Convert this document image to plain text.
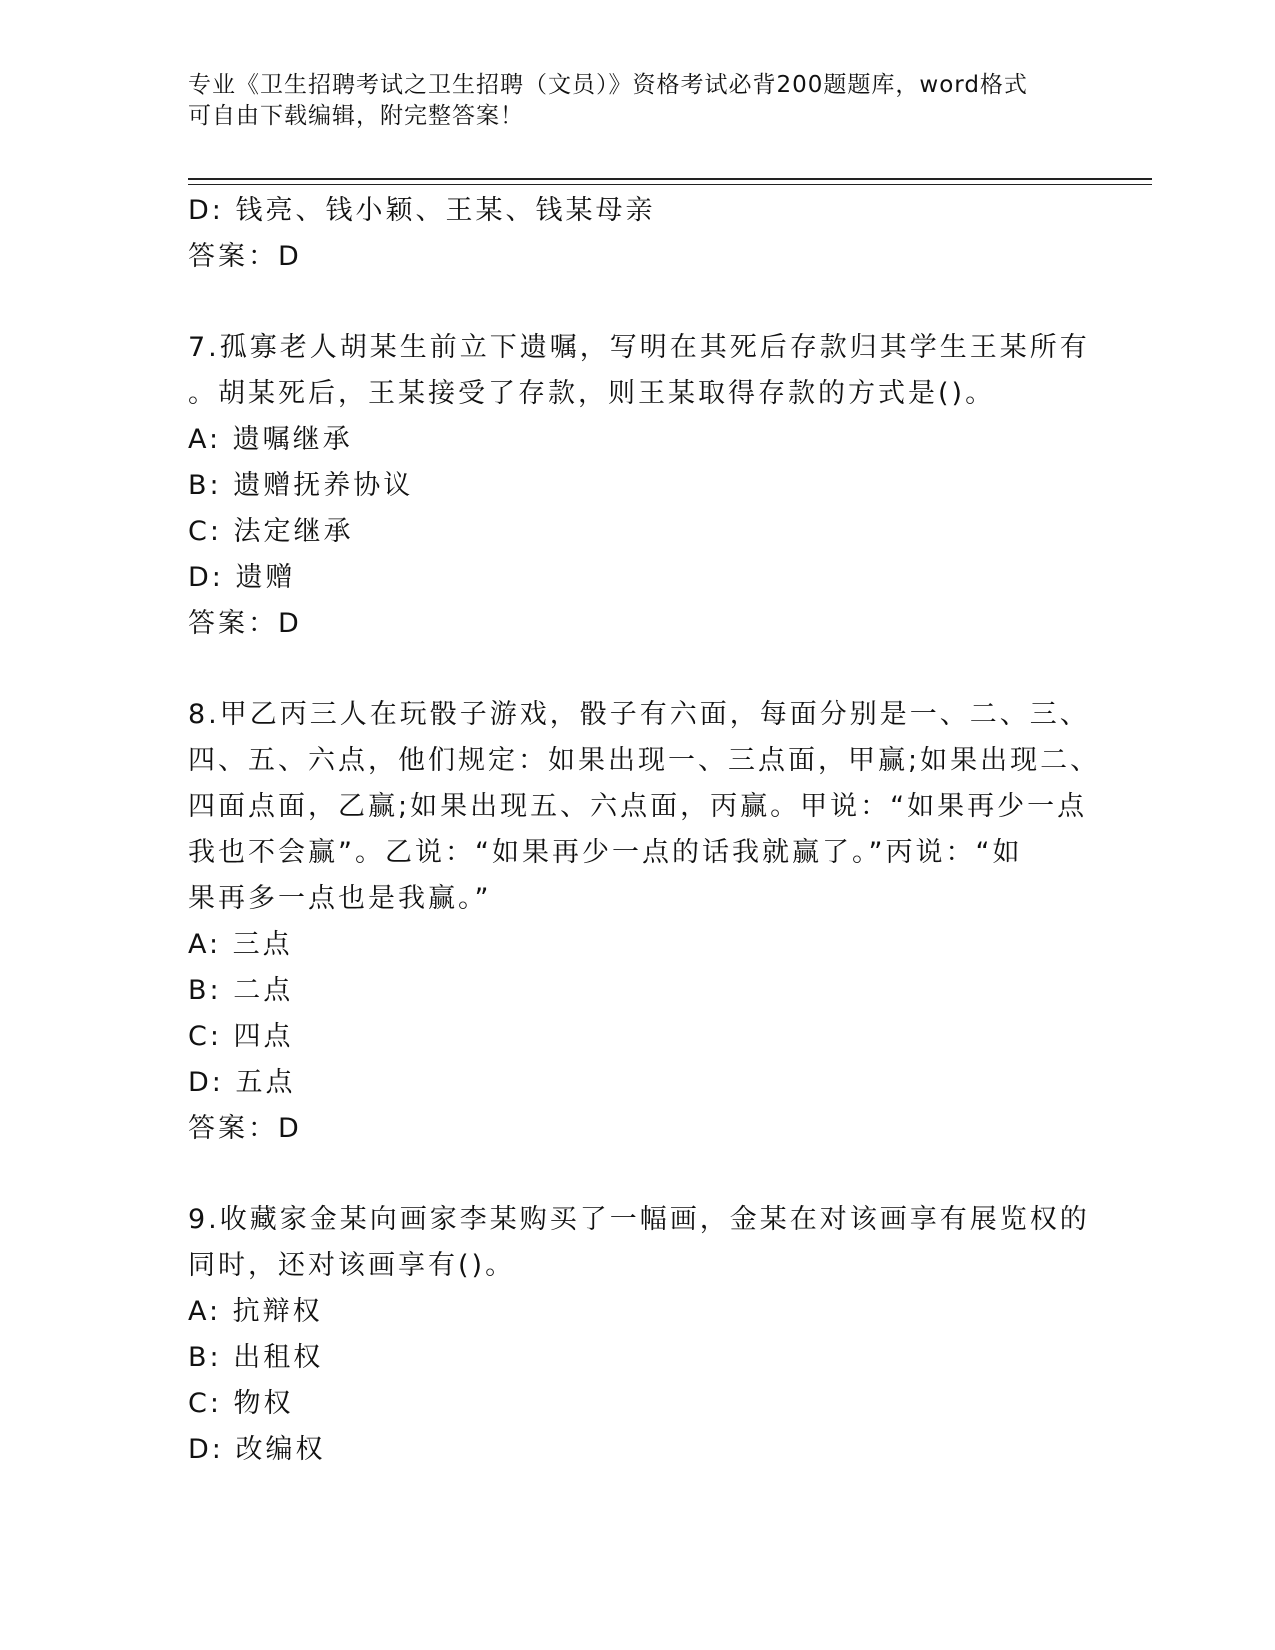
专业《卫生招聘考试之卫生招聘（文员）》资格考试必背200题题库，word格式
可自由下载编辑，附完整答案！
D: 钱亮、钱小颖、王某、钱某母亲
答案：D
7.孤寡老人胡某生前立下遗嘱，写明在其死后存款归其学生王某所有
。胡某死后，王某接受了存款，则王某取得存款的方式是()。
A: 遗嘱继承
B: 遗赠抚养协议
C: 法定继承
D: 遗赠
答案：D
8.甲乙丙三人在玩骰子游戏，骰子有六面，每面分别是一、二、三、
四、五、六点，他们规定：如果出现一、三点面，甲赢;如果出现二、
四面点面，乙赢;如果出现五、六点面，丙赢。甲说：“如果再少一点
我也不会赢”。乙说：“如果再少一点的话我就赢了。”丙说：“如
果再多一点也是我赢。”
A: 三点
B: 二点
C: 四点
D: 五点
答案：D
9.收藏家金某向画家李某购买了一幅画，金某在对该画享有展览权的
同时，还对该画享有()。
A: 抗辩权
B: 出租权
C: 物权
D: 改编权
